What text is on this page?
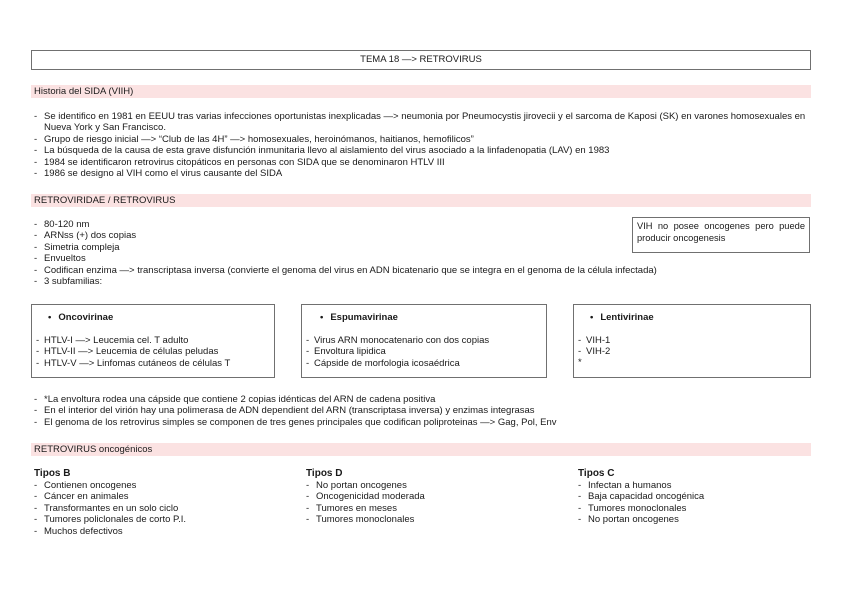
TEMA 18 —> RETROVIRUS
Historia del SIDA (VIIH)
- Se identifico en 1981 en EEUU tras varias infecciones oportunistas inexplicadas —> neumonia por Pneumocystis jirovecii y el sarcoma de Kaposi (SK) en varones homosexuales en Nueva York y San Francisco.
- Grupo de riesgo inicial —> “Club de las 4H” —> homosexuales, heroinómanos, haitianos, hemofilicos”
- La búsqueda de la causa de esta grave disfunción inmunitaria llevo al aislamiento del virus asociado a la linfadenopatia (LAV) en 1983
- 1984 se identificaron retrovirus citopáticos en personas con SIDA que se denominaron HTLV III
- 1986 se designo al VIH como el virus causante del SIDA
RETROVIRIDAE / RETROVIRUS
- 80-120 nm
- ARNss (+) dos copias
- Simetria compleja
- Envueltos
- Codifican enzima —> transcriptasa inversa (convierte el genoma del virus en ADN bicatenario que se integra en el genoma de la célula infectada)
- 3 subfamilias:
VIH no posee oncogenes pero puede producir oncogenesis
• Oncovirinae
- HTLV-I —> Leucemia cel. T adulto
- HTLV-II —> Leucemia de células peludas
- HTLV-V —> Linfomas cutáneos de células T
• Espumavirinae
- Virus ARN monocatenario con dos copias
- Envoltura lipidica
- Cápside de morfologia icosaédrica
• Lentivirinae
- VIH-1
- VIH-2
*
- *La envoltura rodea una cápside que contiene 2 copias idénticas del ARN de cadena positiva
- En el interior del virión hay una polimerasa de ADN dependient del ARN (transcriptasa inversa) y enzimas integrasas
- El genoma de los retrovirus simples se componen de tres genes principales que codifican poliproteinas —> Gag, Pol, Env
RETROVIRUS oncogénicos
Tipos B
- Contienen oncogenes
- Cáncer en animales
- Transformantes en un solo ciclo
- Tumores policlonales de corto P.I.
- Muchos defectivos
Tipos D
- No portan oncogenes
- Oncogenicidad moderada
- Tumores en meses
- Tumores monoclonales
Tipos C
- Infectan a humanos
- Baja capacidad oncogénica
- Tumores monoclonales
- No portan oncogenes
